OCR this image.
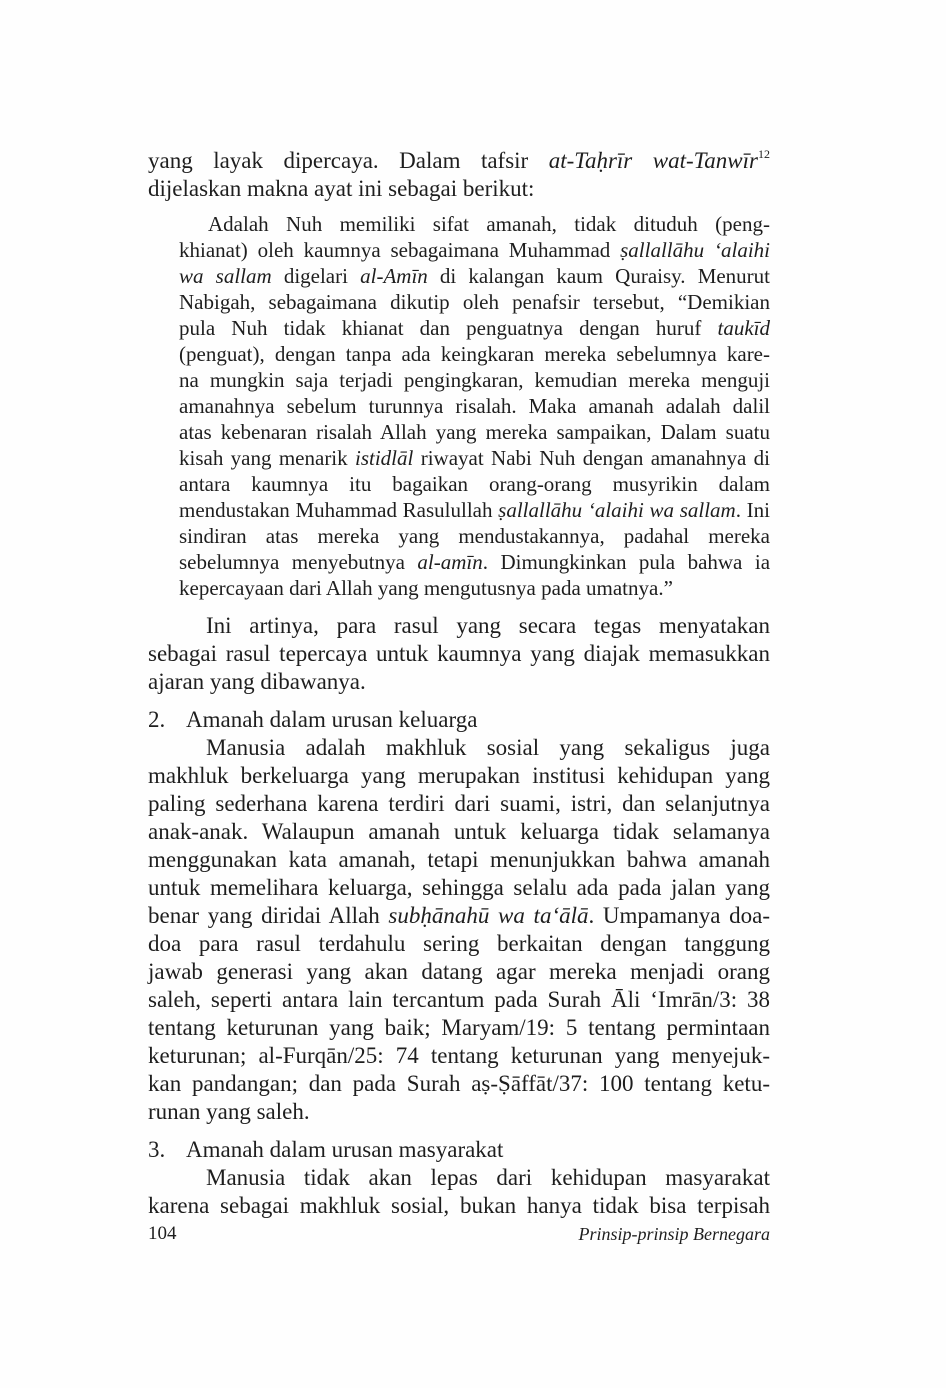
yang layak dipercaya. Dalam tafsir at-Taḥrīr wat-Tanwīr$^{12}$
dijelaskan makna ayat ini sebagai berikut:
Adalah Nuh memiliki sifat amanah, tidak dituduh (peng-
khianat) oleh kaumnya sebagaimana Muhammad ṣallallāhu ‘alaihi
wa sallam digelari al-Amīn di kalangan kaum Quraisy. Menurut
Nabigah, sebagaimana dikutip oleh penafsir tersebut, “Demikian
pula Nuh tidak khianat dan penguatnya dengan huruf taukīd
(penguat), dengan tanpa ada keingkaran mereka sebelumnya kare-
na mungkin saja terjadi pengingkaran, kemudian mereka menguji
amanahnya sebelum turunnya risalah. Maka amanah adalah dalil
atas kebenaran risalah Allah yang mereka sampaikan, Dalam suatu
kisah yang menarik istidlāl riwayat Nabi Nuh dengan amanahnya di
antara kaumnya itu bagaikan orang-orang musyrikin dalam
mendustakan Muhammad Rasulullah ṣallallāhu ‘alaihi wa sallam. Ini
sindiran atas mereka yang mendustakannya, padahal mereka
sebelumnya menyebutnya al-amīn. Dimungkinkan pula bahwa ia
kepercayaan dari Allah yang mengutusnya pada umatnya.”
Ini artinya, para rasul yang secara tegas menyatakan
sebagai rasul tepercaya untuk kaumnya yang diajak memasukkan
ajaran yang dibawanya.
2. Amanah dalam urusan keluarga
Manusia adalah makhluk sosial yang sekaligus juga
makhluk berkeluarga yang merupakan institusi kehidupan yang
paling sederhana karena terdiri dari suami, istri, dan selanjutnya
anak-anak. Walaupun amanah untuk keluarga tidak selamanya
menggunakan kata amanah, tetapi menunjukkan bahwa amanah
untuk memelihara keluarga, sehingga selalu ada pada jalan yang
benar yang diridai Allah subḥānahū wa ta‘ālā. Umpamanya doa-
doa para rasul terdahulu sering berkaitan dengan tanggung
jawab generasi yang akan datang agar mereka menjadi orang
saleh, seperti antara lain tercantum pada Surah Āli ‘Imrān/3: 38
tentang keturunan yang baik; Maryam/19: 5 tentang permintaan
keturunan; al-Furqān/25: 74 tentang keturunan yang menyejuk-
kan pandangan; dan pada Surah aṣ-Ṣāffāt/37: 100 tentang ketu-
runan yang saleh.
3. Amanah dalam urusan masyarakat
Manusia tidak akan lepas dari kehidupan masyarakat
karena sebagai makhluk sosial, bukan hanya tidak bisa terpisah
104	Prinsip-prinsip Bernegara
